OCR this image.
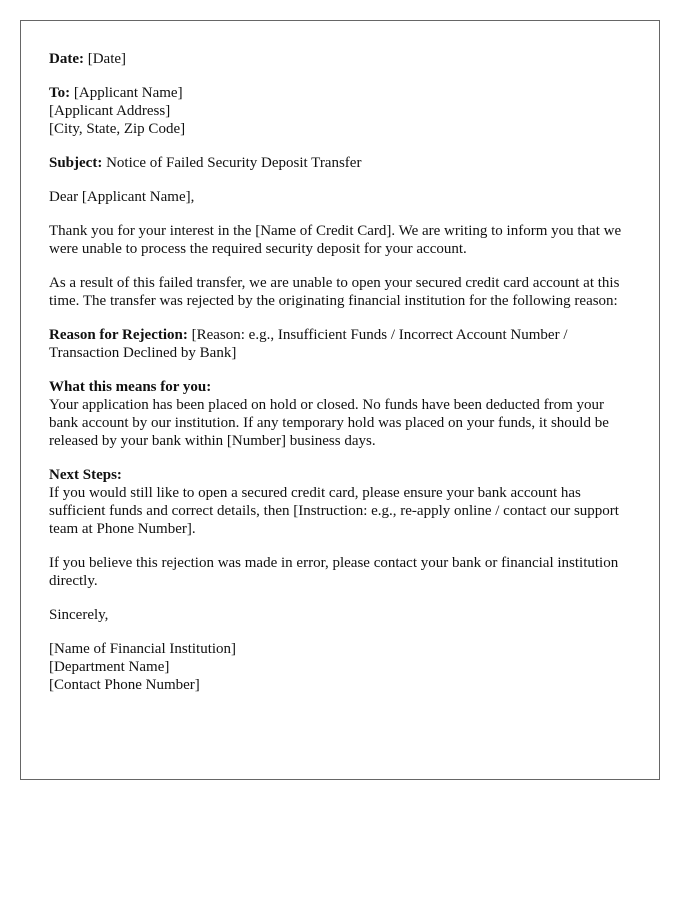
Date: [Date]

To: [Applicant Name]
[Applicant Address]
[City, State, Zip Code]

Subject: Notice of Failed Security Deposit Transfer

Dear [Applicant Name],

Thank you for your interest in the [Name of Credit Card]. We are writing to inform you that we were unable to process the required security deposit for your account.

As a result of this failed transfer, we are unable to open your secured credit card account at this time. The transfer was rejected by the originating financial institution for the following reason:

Reason for Rejection: [Reason: e.g., Insufficient Funds / Incorrect Account Number / Transaction Declined by Bank]

What this means for you:
Your application has been placed on hold or closed. No funds have been deducted from your bank account by our institution. If any temporary hold was placed on your funds, it should be released by your bank within [Number] business days.

Next Steps:
If you would still like to open a secured credit card, please ensure your bank account has sufficient funds and correct details, then [Instruction: e.g., re-apply online / contact our support team at Phone Number].

If you believe this rejection was made in error, please contact your bank or financial institution directly.

Sincerely,

[Name of Financial Institution]
[Department Name]
[Contact Phone Number]
